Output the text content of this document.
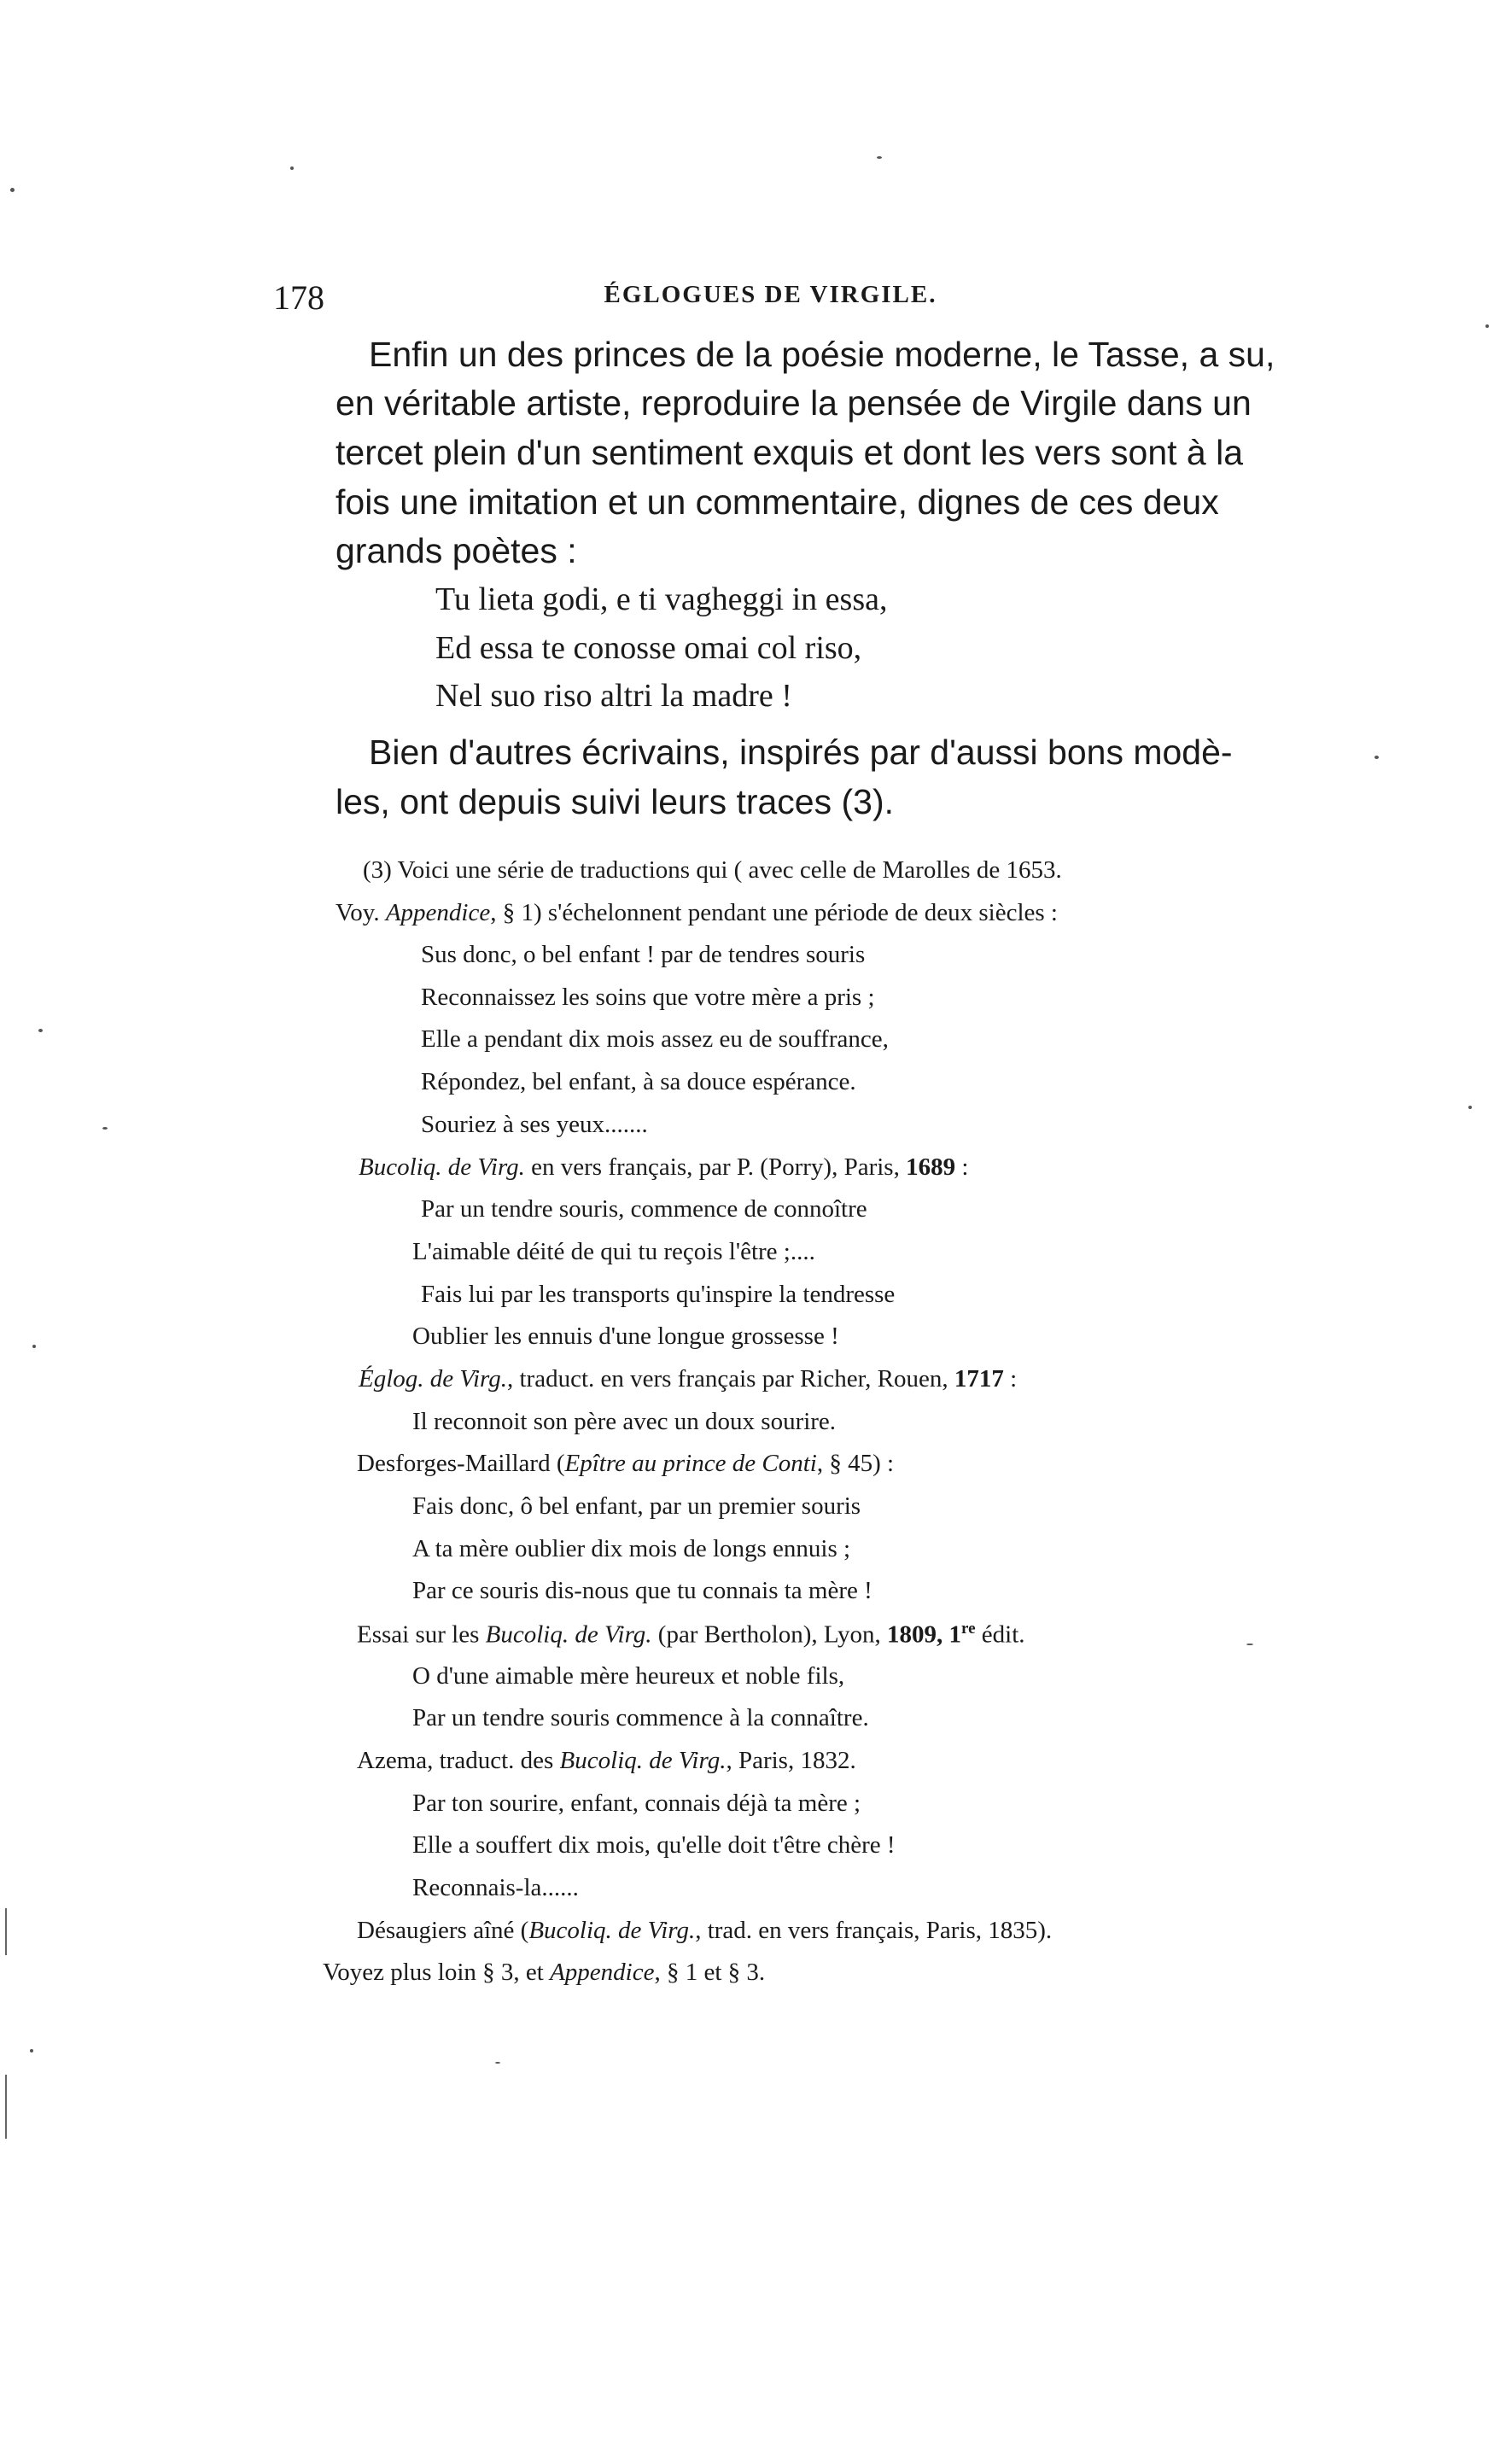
178	ÉGLOGUES DE VIRGILE.
Enfin un des princes de la poésie moderne, le Tasse, a su,
en véritable artiste, reproduire la pensée de Virgile dans un
tercet plein d'un sentiment exquis et dont les vers sont à la
fois une imitation et un commentaire, dignes de ces deux
grands poètes :
Tu lieta godi, e ti vagheggi in essa,
Ed essa te conosse omai col riso,
Nel suo riso altri la madre !
Bien d'autres écrivains, inspirés par d'aussi bons modè-
les, ont depuis suivi leurs traces (3).
(3) Voici une série de traductions qui ( avec celle de Marolles de 1653.
Voy. Appendice, § 1) s'échelonnent pendant une période de deux siècles :
Sus donc, o bel enfant ! par de tendres souris
Reconnaissez les soins que votre mère a pris ;
Elle a pendant dix mois assez eu de souffrance,
Répondez, bel enfant, à sa douce espérance.
Souriez à ses yeux.......
Bucoliq. de Virg. en vers français, par P. (Porry), Paris, 1689 :
Par un tendre souris, commence de connoître
L'aimable déité de qui tu reçois l'être ;....
Fais lui par les transports qu'inspire la tendresse
Oublier les ennuis d'une longue grossesse !
Églog. de Virg., traduct. en vers français par Richer, Rouen, 1717 :
Il reconnoit son père avec un doux sourire.
Desforges-Maillard (Epître au prince de Conti, § 45) :
Fais donc, ô bel enfant, par un premier souris
A ta mère oublier dix mois de longs ennuis ;
Par ce souris dis-nous que tu connais ta mère !
Essai sur les Bucoliq. de Virg. (par Bertholon), Lyon, 1809, 1re édit.
O d'une aimable mère heureux et noble fils,
Par un tendre souris commence à la connaître.
Azema, traduct. des Bucoliq. de Virg., Paris, 1832.
Par ton sourire, enfant, connais déjà ta mère ;
Elle a souffert dix mois, qu'elle doit t'être chère !
Reconnais-la......
Désaugiers aîné (Bucoliq. de Virg., trad. en vers français, Paris, 1835).
Voyez plus loin § 3, et Appendice, § 1 et § 3.
